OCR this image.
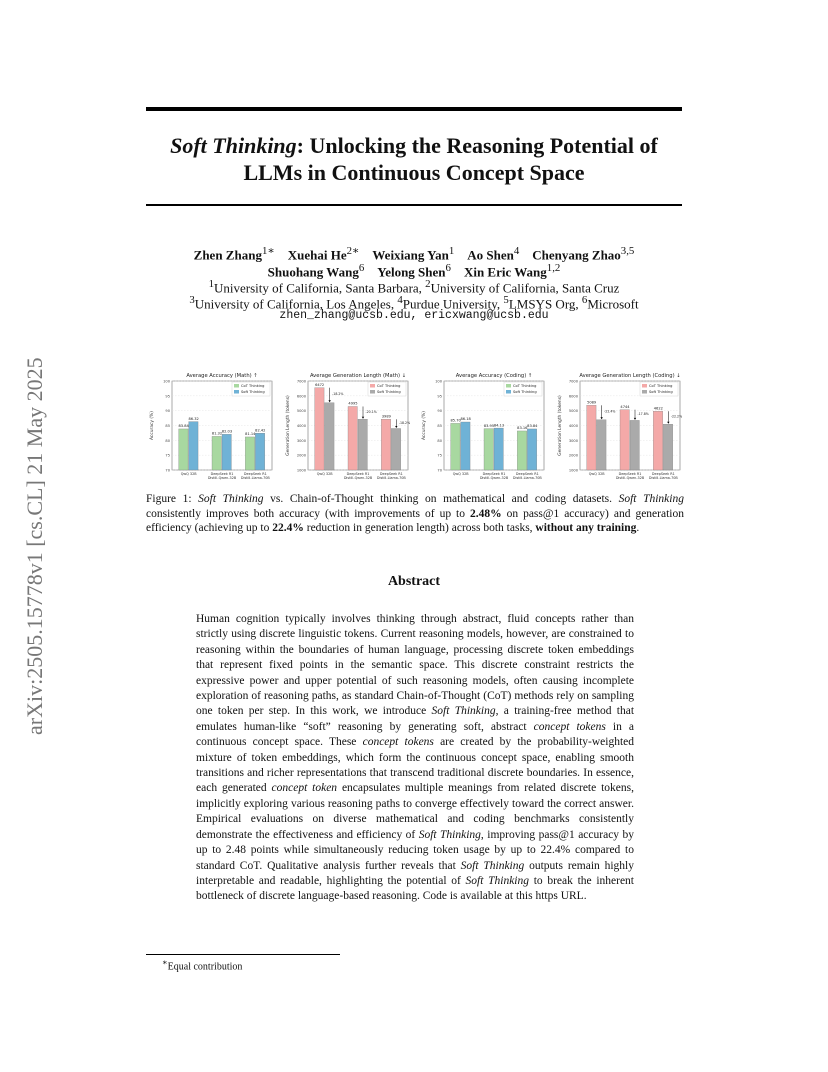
arXiv:2505.15778v1 [cs.CL] 21 May 2025
Soft Thinking: Unlocking the Reasoning Potential of LLMs in Continuous Concept Space
Zhen Zhang$^{1∗}$ Xuehai $He^{2∗}$ Weixiang Yan$^1$ Ao Shen$^4$ Chenyang Zhao$^{3,5}$
Shuohang Wang$^6$ Yelong Shen$^6$ Xin Eric Wang$^{1,2}$
$^1$University of California, Santa Barbara, $^2$University of California, Santa Cruz
$^3$University of California, Los Angeles, $^4$Purdue University, $^5$LMSYS Org, $^6$Microsoft
zhen_zhang@ucsb.edu, ericxwang@ucsb.edu
Average Accuracy (Math) ↑
Accuracy (%)
100
95
90
85
80
75
70
83.84
86.32
QwQ 32B
81.32
82.03
DeepSeek R1
Distill-Qwen-32B
81.14
82.42
DeepSeek R1
Distill-Llama-70B
CoT Thinking
Soft Thinking
Average Generation Length (Math) ↓
Generation Length (tokens)
7000
6000
5000
4000
3000
2000
1000
6472
-18.2%
QwQ 32B
4995
-20.1%
DeepSeek R1
Distill-Qwen-32B
3989
-18.2%
DeepSeek R1
Distill-Llama-70B
CoT Thinking
Soft Thinking
Average Accuracy (Coding) ↑
Accuracy (%)
100
95
90
85
80
75
70
85.70 86.18
QwQ 32B
83.95 84.13
DeepSeek R1
Distill-Qwen-32B
83.16
83.84
DeepSeek R1
Distill-Llama-70B
CoT Thinking
Soft Thinking
Average Generation Length (Coding) ↓
Generation Length (tokens)
7000
6000
5000
4000
3000
2000
1000
5089
-22.4%
QwQ 32B
4744
-17.8%
DeepSeek R1
Distill-Qwen-32B
4622
-22.2%
DeepSeek R1
Distill-Llama-70B
CoT Thinking
Soft Thinking
Figure 1: Soft Thinking vs. Chain-of-Thought thinking on mathematical and coding datasets. Soft Thinking consistently improves both accuracy (with improvements of up to 2.48% on pass@1 accuracy) and generation efficiency (achieving up to 22.4% reduction in generation length) across both tasks, without any training.
Abstract
Human cognition typically involves thinking through abstract, fluid concepts rather than strictly using discrete linguistic tokens. Current reasoning models, however, are constrained to reasoning within the boundaries of human language, processing discrete token embeddings that represent fixed points in the semantic space. This discrete constraint restricts the expressive power and upper potential of such reasoning models, often causing incomplete exploration of reasoning paths, as standard Chain-of-Thought (CoT) methods rely on sampling one token per step. In this work, we introduce Soft Thinking, a training-free method that emulates human-like “soft” reasoning by generating soft, abstract concept tokens in a continuous concept space. These concept tokens are created by the probability-weighted mixture of token embeddings, which form the continuous concept space, enabling smooth transitions and richer representations that transcend traditional discrete boundaries. In essence, each generated concept token encapsulates multiple meanings from related discrete tokens, implicitly exploring various reasoning paths to converge effectively toward the correct answer. Empirical evaluations on diverse mathematical and coding benchmarks consistently demonstrate the effectiveness and efficiency of Soft Thinking, improving pass@1 accuracy by up to 2.48 points while simultaneously reducing token usage by up to 22.4% compared to standard CoT. Qualitative analysis further reveals that Soft Thinking outputs remain highly interpretable and readable, highlighting the potential of Soft Thinking to break the inherent bottleneck of discrete language-based reasoning. Code is available at this https URL.
∗Equal contribution
